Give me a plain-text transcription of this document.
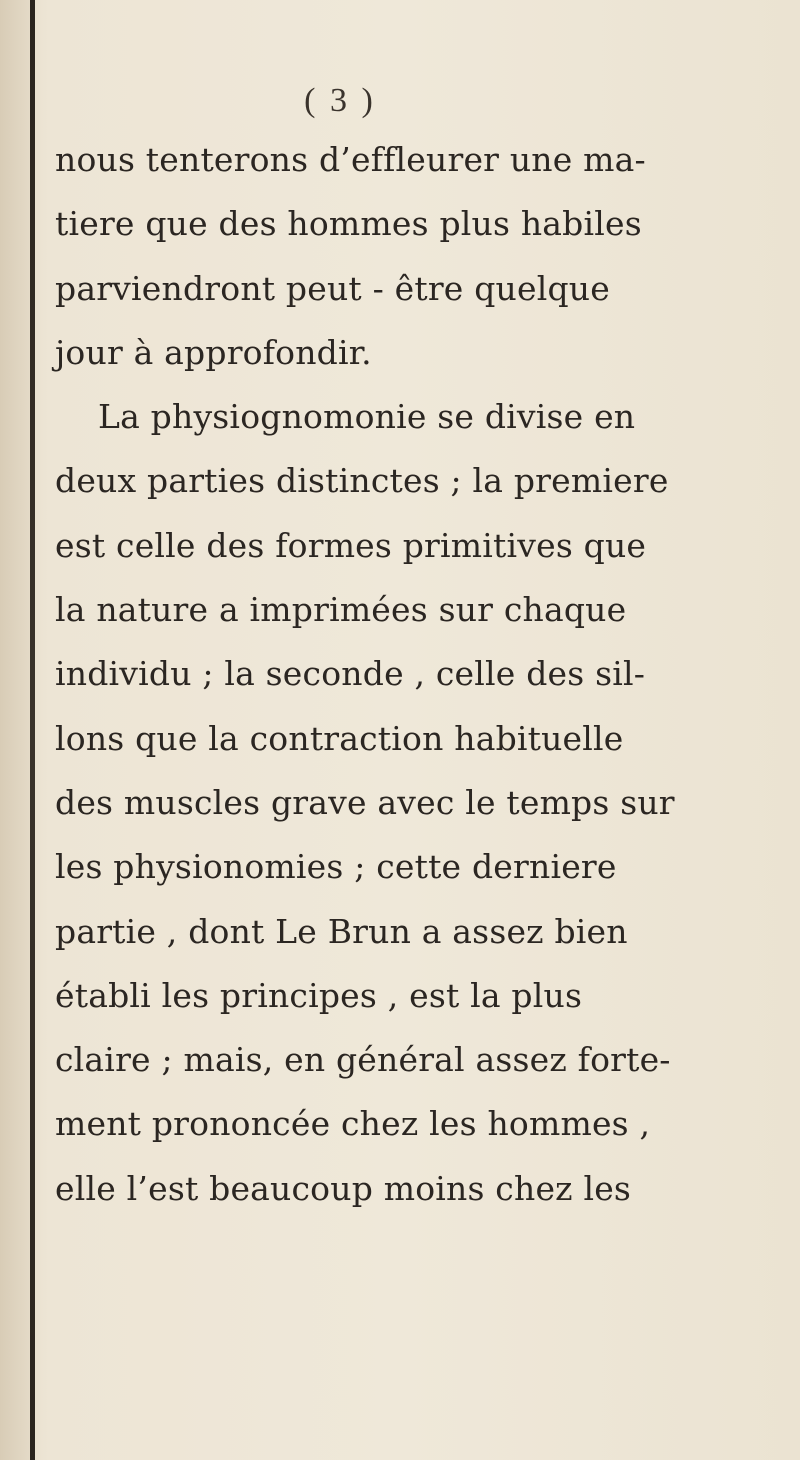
( 3 )
nous tenterons d’effleurer une ma-
tiere que des hommes plus habiles
parviendront peut - être quelque
jour à approfondir.
La physiognomonie se divise en
deux parties distinctes ; la premiere
est celle des formes primitives que
la nature a imprimées sur chaque
individu ; la seconde , celle des sil-
lons que la contraction habituelle
des muscles grave avec le temps sur
les physionomies ; cette derniere
partie , dont Le Brun a assez bien
établi les principes , est la plus
claire ; mais, en général assez forte-
ment prononcée chez les hommes ,
elle l’est beaucoup moins chez les
